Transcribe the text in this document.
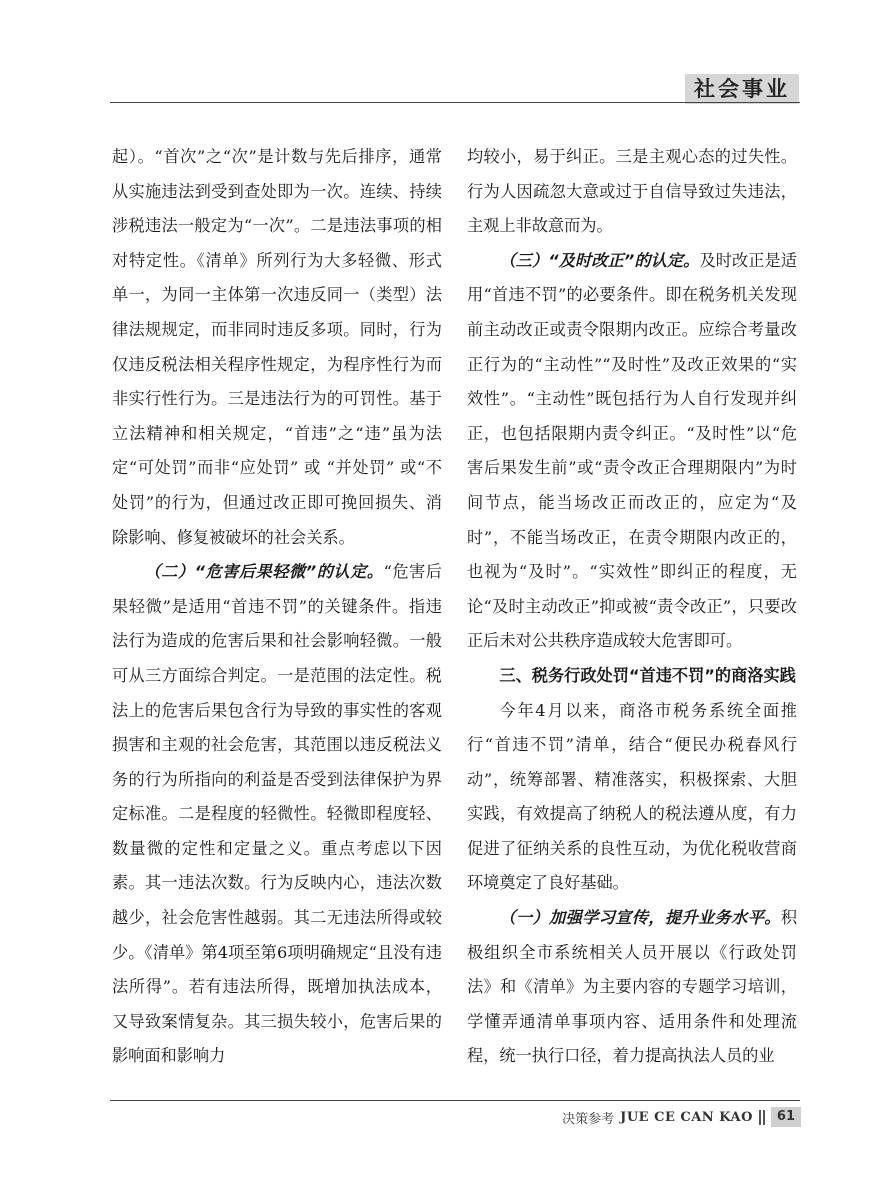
社会事业

起）。“首次”之“次”是计数与先后排序，通常从实施违法到受到查处即为一次。连续、持续涉税违法一般定为“一次”。二是违法事项的相对特定性。《清单》所列行为大多轻微、形式单一，为同一主体第一次违反同一（类型）法律法规规定，而非同时违反多项。同时，行为仅违反税法相关程序性规定，为程序性行为而非实行性行为。三是违法行为的可罚性。基于立法精神和相关规定，“首违”之“违”虽为法定“可处罚”而非“应处罚” 或 “并处罚” 或“不处罚”的行为，但通过改正即可挽回损失、消除影响、修复被破坏的社会关系。

（二）“危害后果轻微”的认定。“危害后果轻微”是适用“首违不罚”的关键条件。指违法行为造成的危害后果和社会影响轻微。一般可从三方面综合判定。一是范围的法定性。税法上的危害后果包含行为导致的事实性的客观损害和主观的社会危害，其范围以违反税法义务的行为所指向的利益是否受到法律保护为界定标准。二是程度的轻微性。轻微即程度轻、数量微的定性和定量之义。重点考虑以下因素。其一违法次数。行为反映内心，违法次数越少，社会危害性越弱。其二无违法所得或较少。《清单》第4项至第6项明确规定“且没有违法所得”。若有违法所得，既增加执法成本，又导致案情复杂。其三损失较小，危害后果的影响面和影响力

均较小，易于纠正。三是主观心态的过失性。行为人因疏忽大意或过于自信导致过失违法，主观上非故意而为。

（三）“及时改正”的认定。及时改正是适用“首违不罚”的必要条件。即在税务机关发现前主动改正或责令限期内改正。应综合考量改正行为的“主动性”“及时性”及改正效果的“实效性”。“主动性”既包括行为人自行发现并纠正，也包括限期内责令纠正。“及时性”以“危害后果发生前”或“责令改正合理期限内”为时间节点，能当场改正而改正的，应定为“及时”，不能当场改正，在责令期限内改正的，也视为“及时”。“实效性”即纠正的程度，无论“及时主动改正”抑或被“责令改正”，只要改正后未对公共秩序造成较大危害即可。

三、税务行政处罚“首违不罚”的商洛实践

今年4月以来，商洛市税务系统全面推行“首违不罚”清单，结合“便民办税春风行动”，统筹部署、精准落实，积极探索、大胆实践，有效提高了纳税人的税法遵从度，有力促进了征纳关系的良性互动，为优化税收营商环境奠定了良好基础。

（一）加强学习宣传，提升业务水平。积极组织全市系统相关人员开展以《行政处罚法》和《清单》为主要内容的专题学习培训，学懂弄通清单事项内容、适用条件和处理流程，统一执行口径，着力提高执法人员的业

决策参考 JUE CE CAN KAO	61
